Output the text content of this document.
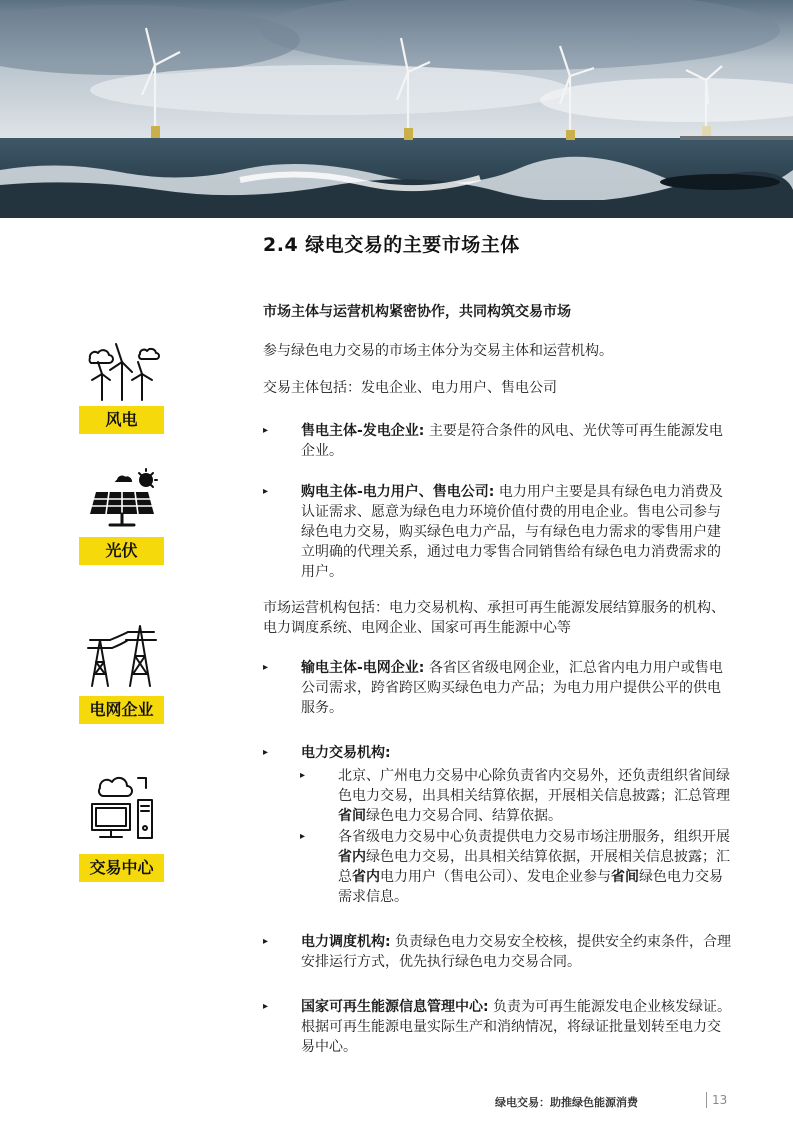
2.4 绿电交易的主要市场主体
市场主体与运营机构紧密协作，共同构筑交易市场
参与绿色电力交易的市场主体分为交易主体和运营机构。
交易主体包括：发电企业、电力用户、售电公司
▸ 售电主体-发电企业: 主要是符合条件的风电、光伏等可再生能源发电企业。
▸ 购电主体-电力用户、售电公司: 电力用户主要是具有绿色电力消费及认证需求、愿意为绿色电力环境价值付费的用电企业。售电公司参与绿色电力交易，购买绿色电力产品，与有绿色电力需求的零售用户建立明确的代理关系，通过电力零售合同销售给有绿色电力消费需求的用户。
市场运营机构包括：电力交易机构、承担可再生能源发展结算服务的机构、电力调度系统、电网企业、国家可再生能源中心等
▸ 输电主体-电网企业: 各省区省级电网企业，汇总省内电力用户或售电公司需求，跨省跨区购买绿色电力产品；为电力用户提供公平的供电服务。
▸ 电力交易机构:
▸ 北京、广州电力交易中心除负责省内交易外，还负责组织省间绿色电力交易，出具相关结算依据，开展相关信息披露；汇总管理省间绿色电力交易合同、结算依据。
▸ 各省级电力交易中心负责提供电力交易市场注册服务，组织开展省内绿色电力交易，出具相关结算依据，开展相关信息披露；汇总省内电力用户（售电公司）、发电企业参与省间绿色电力交易需求信息。
▸ 电力调度机构: 负责绿色电力交易安全校核，提供安全约束条件，合理安排运行方式，优先执行绿色电力交易合同。
▸ 国家可再生能源信息管理中心: 负责为可再生能源发电企业核发绿证。根据可再生能源电量实际生产和消纳情况，将绿证批量划转至电力交易中心。
风电
光伏
电网企业
交易中心
绿电交易：助推绿色能源消费	13
